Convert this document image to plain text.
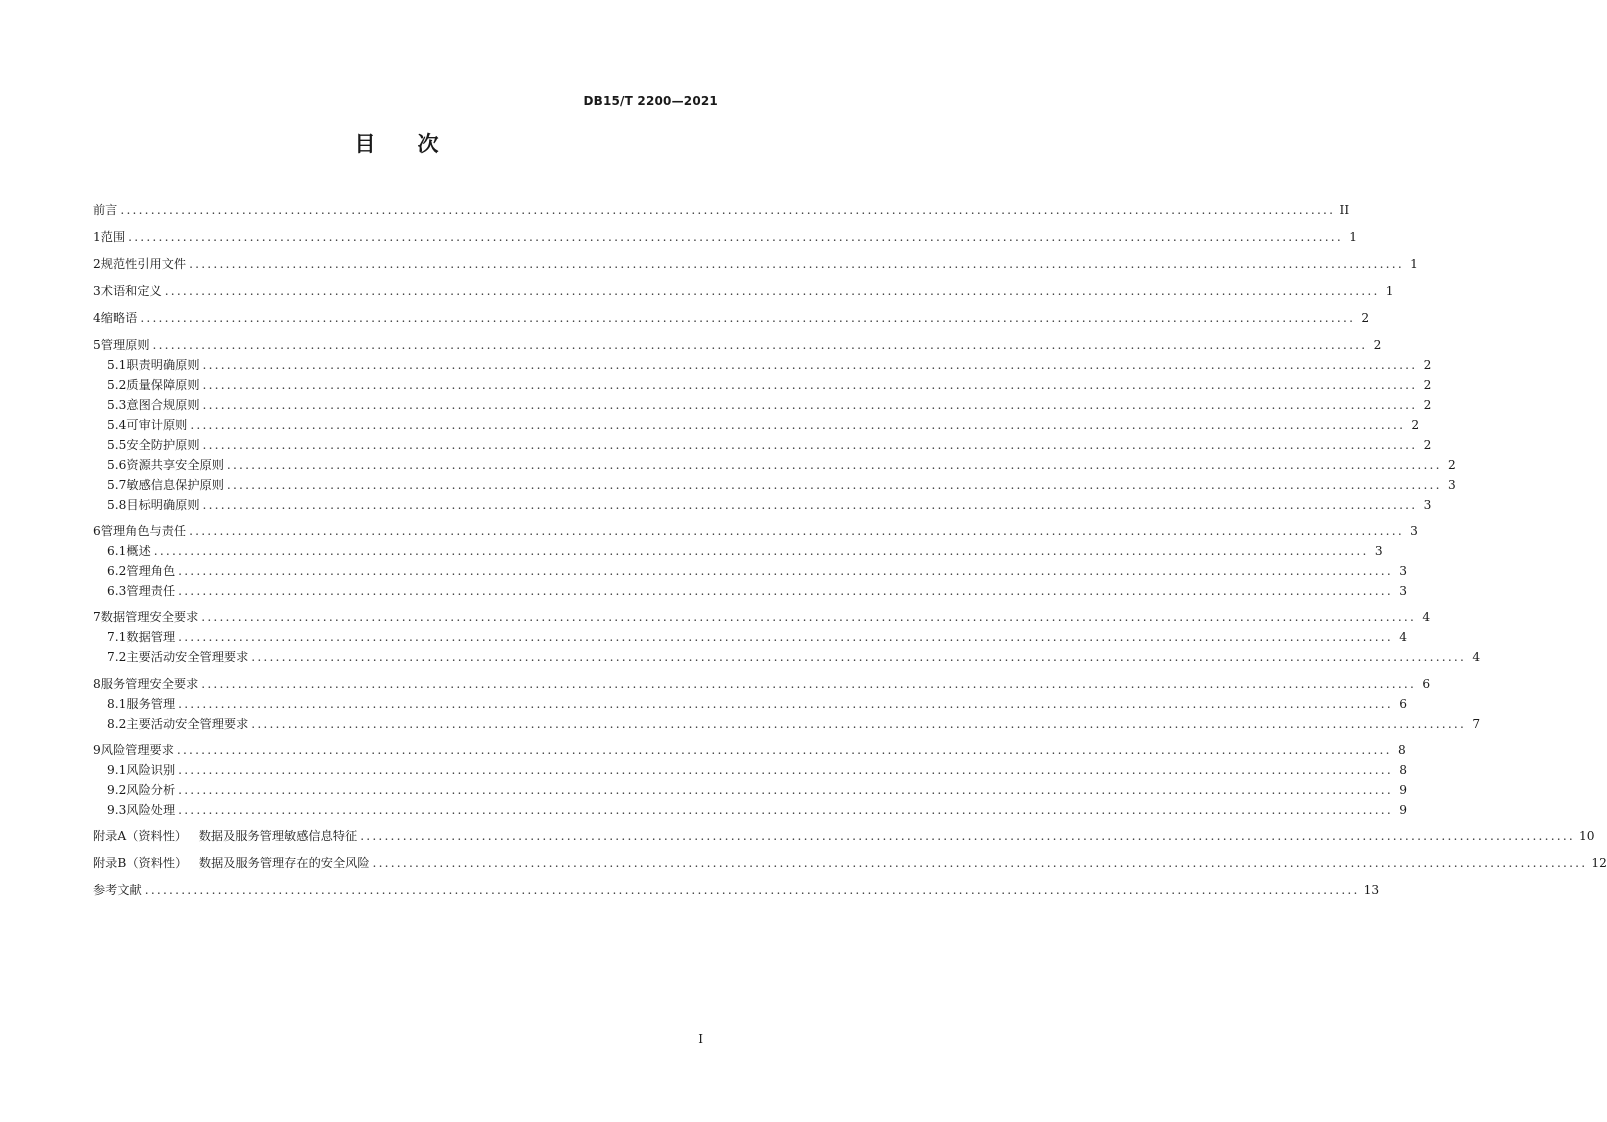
DB15/T 2200—2021
目 次
前言 ........................................................................................................................................................................................................ II
1 范围 ........................................................................................................................................................................................................ 1
2 规范性引用文件 ........................................................................................................................................................................................................ 1
3 术语和定义 ........................................................................................................................................................................................................ 1
4 缩略语 ........................................................................................................................................................................................................ 2
5 管理原则 ........................................................................................................................................................................................................ 2
5.1 职责明确原则 ........................................................................................................................................................................................................ 2
5.2 质量保障原则 ........................................................................................................................................................................................................ 2
5.3 意图合规原则 ........................................................................................................................................................................................................ 2
5.4 可审计原则 ........................................................................................................................................................................................................ 2
5.5 安全防护原则 ........................................................................................................................................................................................................ 2
5.6 资源共享安全原则 ........................................................................................................................................................................................................ 2
5.7 敏感信息保护原则 ........................................................................................................................................................................................................ 3
5.8 目标明确原则 ........................................................................................................................................................................................................ 3
6 管理角色与责任 ........................................................................................................................................................................................................ 3
6.1 概述 ........................................................................................................................................................................................................ 3
6.2 管理角色 ........................................................................................................................................................................................................ 3
6.3 管理责任 ........................................................................................................................................................................................................ 3
7 数据管理安全要求 ........................................................................................................................................................................................................ 4
7.1 数据管理 ........................................................................................................................................................................................................ 4
7.2 主要活动安全管理要求 ........................................................................................................................................................................................................ 4
8 服务管理安全要求 ........................................................................................................................................................................................................ 6
8.1 服务管理 ........................................................................................................................................................................................................ 6
8.2 主要活动安全管理要求 ........................................................................................................................................................................................................ 7
9 风险管理要求 ........................................................................................................................................................................................................ 8
9.1 风险识别 ........................................................................................................................................................................................................ 8
9.2 风险分析 ........................................................................................................................................................................................................ 9
9.3 风险处理 ........................................................................................................................................................................................................ 9
附录A（资料性）   数据及服务管理敏感信息特征 ........................................................................................................................................................................................................ 10
附录B（资料性）   数据及服务管理存在的安全风险 ........................................................................................................................................................................................................ 12
参考文献 ........................................................................................................................................................................................................ 13
I
